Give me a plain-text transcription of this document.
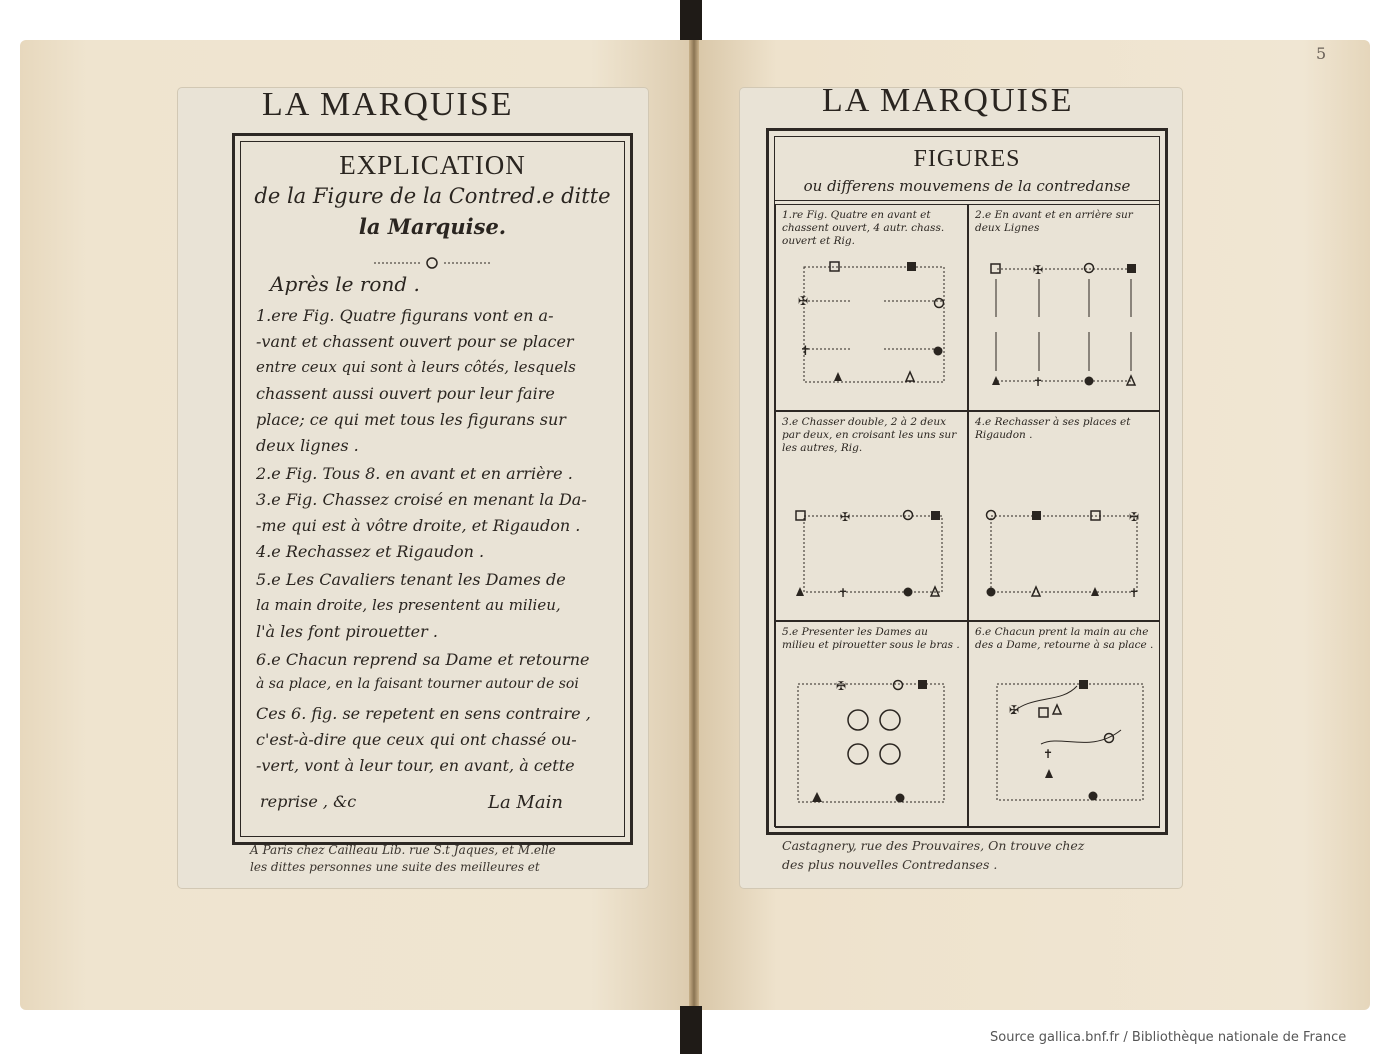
5
LA MARQUISE
EXPLICATION
de la Figure de la Contred.e ditte
la Marquise.
Après le rond .
1.ere Fig. Quatre figurans vont en a-
-vant et chassent ouvert pour se placer
entre ceux qui sont à leurs côtés, lesquels
chassent aussi ouvert pour leur faire
place; ce qui met tous les figurans sur
deux lignes .
2.e Fig. Tous 8. en avant et en arrière .
3.e Fig. Chassez croisé en menant la Da-
-me qui est à vôtre droite, et Rigaudon .
4.e Rechassez et Rigaudon .
5.e Les Cavaliers tenant les Dames de
la main droite, les presentent au milieu,
l'à les font pirouetter .
6.e Chacun reprend sa Dame et retourne
à sa place, en la faisant tourner autour de soi
Ces 6. fig. se repetent en sens contraire ,
c'est-à-dire que ceux qui ont chassé ou-
-vert, vont à leur tour, en avant, à cette
reprise , &c	La Main
A Paris chez Cailleau Lib. rue S.t Jaques, et M.elle
les dittes personnes une suite des meilleures et
LA MARQUISE
FIGURES
ou differens mouvemens de la contredanse
1.re Fig. Quatre en avant et chassent ouvert, 4 autr. chass. ouvert et Rig.
✠
✝
2.e En avant et en arrière sur deux Lignes
✠
✝
3.e Chasser double, 2 à 2 deux par deux, en croisant les uns sur les autres, Rig.
✠
✝
4.e Rechasser à ses places et Rigaudon .
✠
✝
5.e Presenter les Dames au milieu et pirouetter sous le bras .
✠
6.e Chacun prent la main au che des a Dame, retourne à sa place .
✠
✝
Castagnery, rue des Prouvaires, On trouve chez
des plus nouvelles Contredanses .
Source gallica.bnf.fr / Bibliothèque nationale de France
